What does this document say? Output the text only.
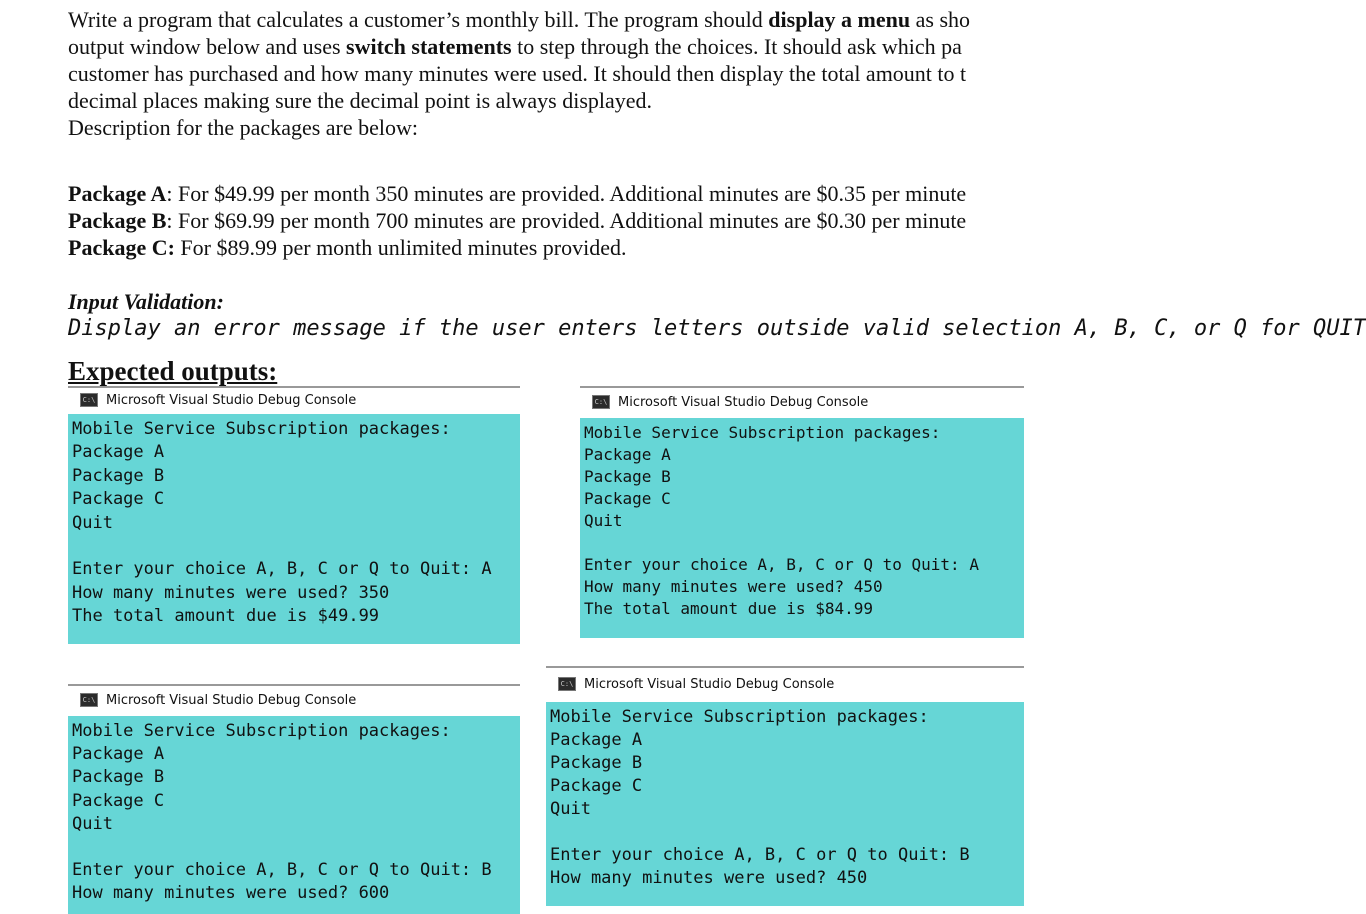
Write a program that calculates a customer’s monthly bill. The program should display a menu as sho

output window below and uses switch statements to step through the choices. It should ask which pa

customer has purchased and how many minutes were used. It should then display the total amount to t

decimal places making sure the decimal point is always displayed.

Description for the packages are below:

Package A: For $49.99 per month 350 minutes are provided. Additional minutes are $0.35 per minute

Package B: For $69.99 per month 700 minutes are provided. Additional minutes are $0.30 per minute

Package C: For $89.99 per month unlimited minutes provided.

Input Validation:

Display an error message if the user enters letters outside valid selection A, B, C, or Q for QUIT

Expected outputs:

C:\ Microsoft Visual Studio Debug Console
Mobile Service Subscription packages:
Package A
Package B
Package C
Quit

Enter your choice A, B, C or Q to Quit: A
How many minutes were used? 350
The total amount due is $49.99
C:\ Microsoft Visual Studio Debug Console
Mobile Service Subscription packages:
Package A
Package B
Package C
Quit

Enter your choice A, B, C or Q to Quit: A
How many minutes were used? 450
The total amount due is $84.99
C:\ Microsoft Visual Studio Debug Console
Mobile Service Subscription packages:
Package A
Package B
Package C
Quit

Enter your choice A, B, C or Q to Quit: B
How many minutes were used? 600
C:\ Microsoft Visual Studio Debug Console
Mobile Service Subscription packages:
Package A
Package B
Package C
Quit

Enter your choice A, B, C or Q to Quit: B
How many minutes were used? 450
